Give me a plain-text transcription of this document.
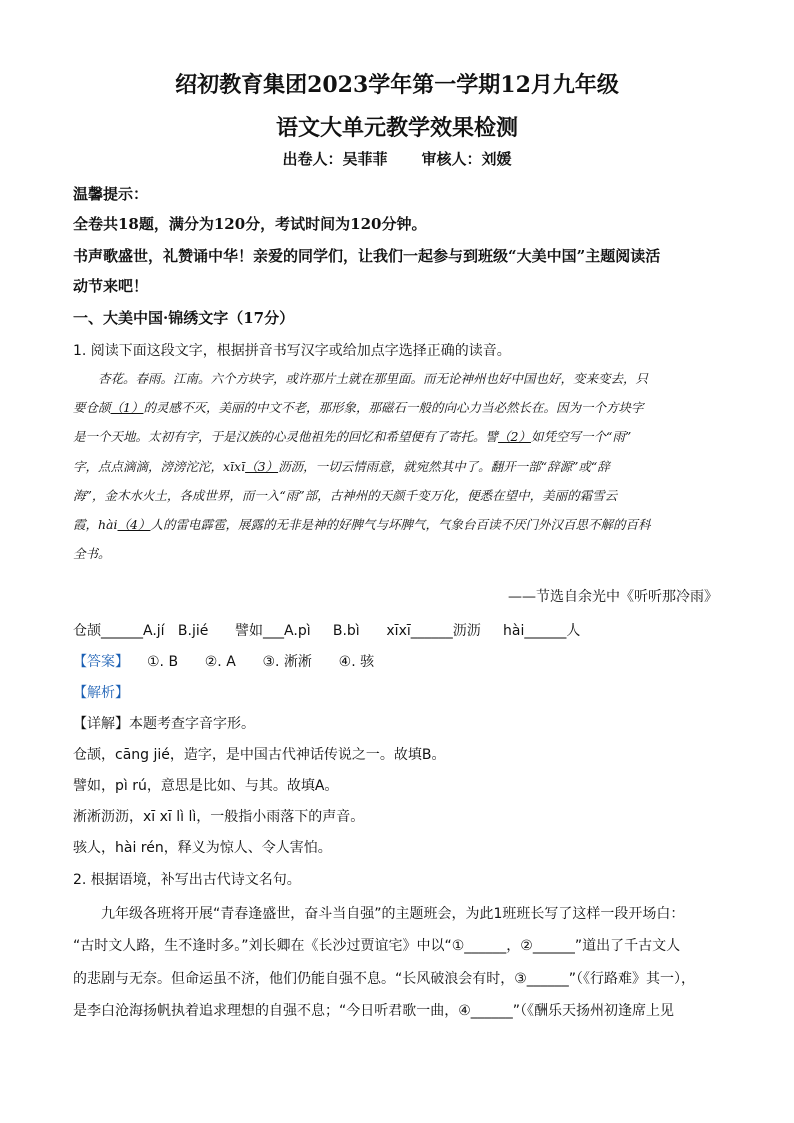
绍初教育集团2023学年第一学期12月九年级
语文大单元教学效果检测
出卷人：吴菲菲 审核人：刘媛
温馨提示：
全卷共18题，满分为120分，考试时间为120分钟。
书声歌盛世，礼赞诵中华！亲爱的同学们，让我们一起参与到班级“大美中国”主题阅读活
动节来吧！
一、大美中国·锦绣文字（17分）
1. 阅读下面这段文字，根据拼音书写汉字或给加点字选择正确的读音。

杏花。春雨。江南。六个方块字，或许那片土就在那里面。而无论神州也好中国也好，变来变去，只

要仓颉（1）的灵感不灭，美丽的中文不老，那形象，那磁石一般的向心力当必然长在。因为一个方块字

是一个天地。太初有字，于是汉族的心灵他祖先的回忆和希望便有了寄托。譬（2）如凭空写一个“雨”

字，点点滴滴，滂滂沱沱，xīxī（3）沥沥，一切云情雨意，就宛然其中了。翻开一部“辞源”或“辞

海”，金木水火土，各成世界，而一入“雨”部，古神州的天颜千变万化，便悉在望中，美丽的霜雪云

霞，hài（4）人的雷电霹雹，展露的无非是神的好脾气与坏脾气，气象台百读不厌门外汉百思不解的百科

全书。

——节选自余光中《听听那冷雨》
仓颉______A.jí   B.jié      譬如___A.pì     B.bì      xīxī______沥沥     hài______人
【答案】 ①. B      ②. A      ③. 淅淅      ④. 骇
【解析】
【详解】本题考查字音字形。
仓颉，cāng jié，造字，是中国古代神话传说之一。故填B。
譬如，pì rú，意思是比如、与其。故填A。
淅淅沥沥，xī xī lì lì，一般指小雨落下的声音。
骇人，hài rén，释义为惊人、令人害怕。
2. 根据语境，补写出古代诗文名句。

九年级各班将开展“青春逢盛世，奋斗当自强”的主题班会，为此1班班长写了这样一段开场白：

“古时文人路，生不逢时多。”刘长卿在《长沙过贾谊宅》中以“①______，②______”道出了千古文人

的悲剧与无奈。但命运虽不济，他们仍能自强不息。“长风破浪会有时，③______”（《行路难》其一），

是李白沧海扬帆执着追求理想的自强不息；“今日听君歌一曲，④______”（《酬乐天扬州初逢席上见
